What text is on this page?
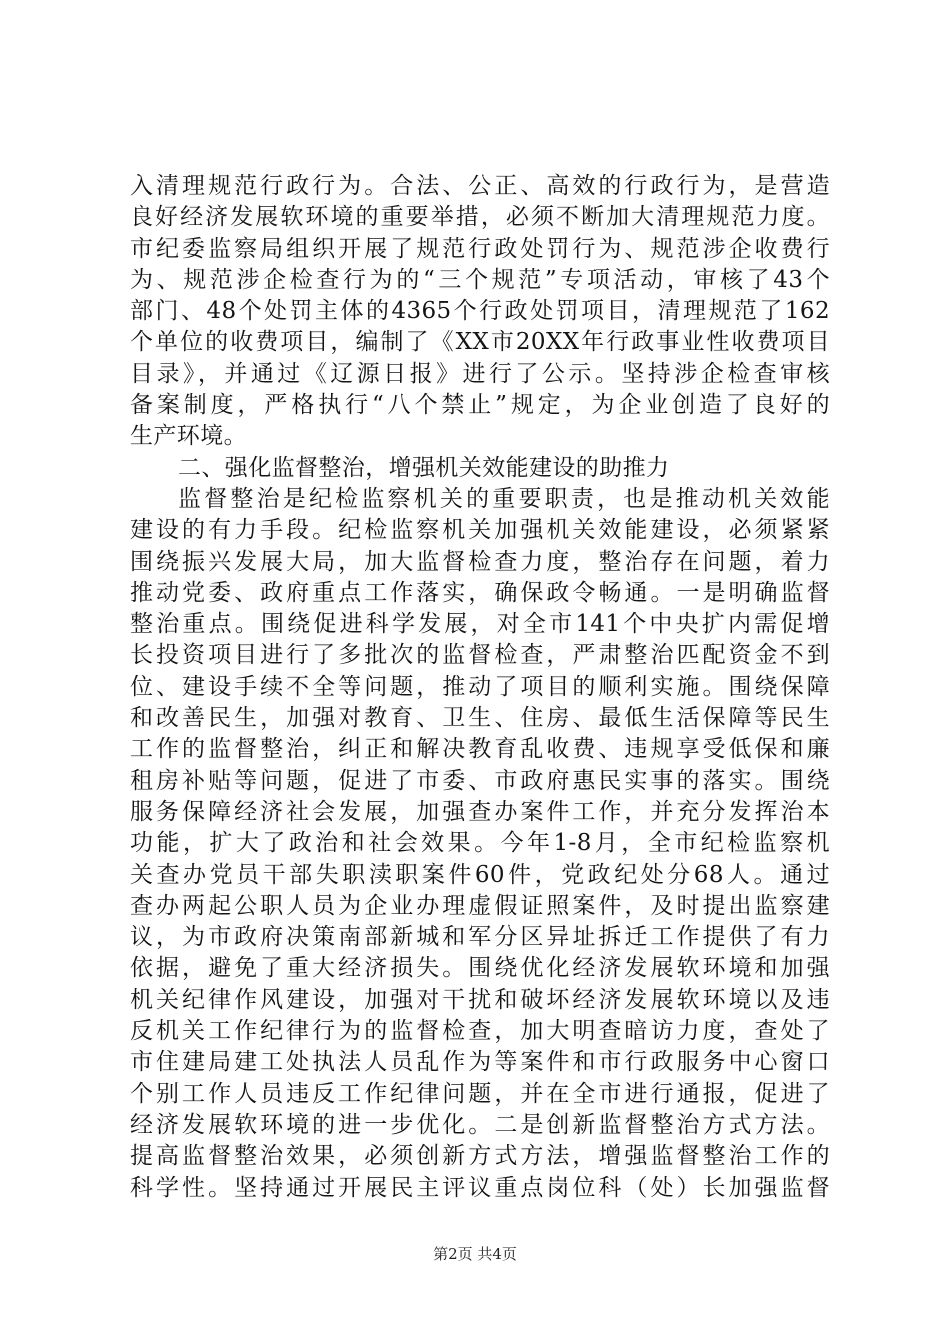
入清理规范行政行为。合法、公正、高效的行政行为，是营造
良好经济发展软环境的重要举措，必须不断加大清理规范力度。
市纪委监察局组织开展了规范行政处罚行为、规范涉企收费行
为、规范涉企检查行为的“三个规范”专项活动，审核了43个
部门、48个处罚主体的4365个行政处罚项目，清理规范了162
个单位的收费项目，编制了《XX市20XX年行政事业性收费项目
目录》，并通过《辽源日报》进行了公示。坚持涉企检查审核
备案制度，严格执行“八个禁止”规定，为企业创造了良好的
生产环境。
二、强化监督整治，增强机关效能建设的助推力
监督整治是纪检监察机关的重要职责，也是推动机关效能
建设的有力手段。纪检监察机关加强机关效能建设，必须紧紧
围绕振兴发展大局，加大监督检查力度，整治存在问题，着力
推动党委、政府重点工作落实，确保政令畅通。一是明确监督
整治重点。围绕促进科学发展，对全市141个中央扩内需促增
长投资项目进行了多批次的监督检查，严肃整治匹配资金不到
位、建设手续不全等问题，推动了项目的顺利实施。围绕保障
和改善民生，加强对教育、卫生、住房、最低生活保障等民生
工作的监督整治，纠正和解决教育乱收费、违规享受低保和廉
租房补贴等问题，促进了市委、市政府惠民实事的落实。围绕
服务保障经济社会发展，加强查办案件工作，并充分发挥治本
功能，扩大了政治和社会效果。今年1-8月，全市纪检监察机
关查办党员干部失职渎职案件60件，党政纪处分68人。通过
查办两起公职人员为企业办理虚假证照案件，及时提出监察建
议，为市政府决策南部新城和军分区异址拆迁工作提供了有力
依据，避免了重大经济损失。围绕优化经济发展软环境和加强
机关纪律作风建设，加强对干扰和破坏经济发展软环境以及违
反机关工作纪律行为的监督检查，加大明查暗访力度，查处了
市住建局建工处执法人员乱作为等案件和市行政服务中心窗口
个别工作人员违反工作纪律问题，并在全市进行通报，促进了
经济发展软环境的进一步优化。二是创新监督整治方式方法。
提高监督整治效果，必须创新方式方法，增强监督整治工作的
科学性。坚持通过开展民主评议重点岗位科（处）长加强监督
第2页 共4页
